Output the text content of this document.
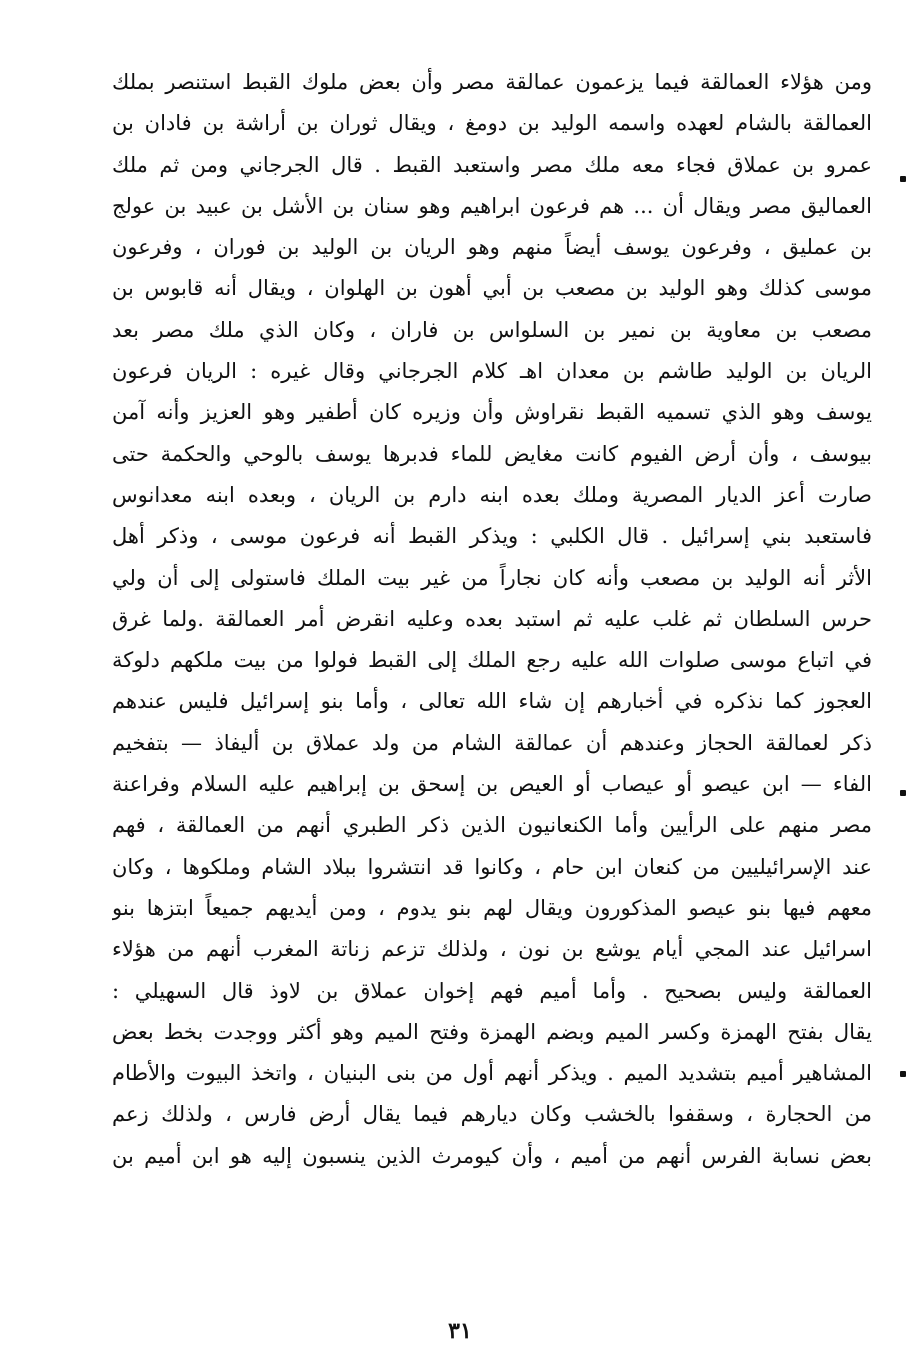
ومن هؤلاء العمالقة فيما يزعمون عمالقة مصر وأن بعض ملوك القبط استنصر بملك
العمالقة بالشام لعهده واسمه الوليد بن دومغ ، ويقال ثوران بن أراشة بن فادان بن
عمرو بن عملاق فجاء معه ملك مصر واستعبد القبط . قال الجرجاني ومن ثم ملك
العماليق مصر ويقال أن ... هم فرعون ابراهيم وهو سنان بن الأشل بن عبيد بن عولج
بن عمليق ، وفرعون يوسف أيضاً منهم وهو الريان بن الوليد بن فوران ، وفرعون
موسى كذلك وهو الوليد بن مصعب بن أبي أهون بن الهلوان ، ويقال أنه قابوس بن
مصعب بن معاوية بن نمير بن السلواس بن فاران ، وكان الذي ملك مصر بعد
الريان بن الوليد طاشم بن معدان اهـ كلام الجرجاني وقال غيره : الريان فرعون
يوسف وهو الذي تسميه القبط نقراوش وأن وزيره كان أطفير وهو العزيز وأنه آمن
بيوسف ، وأن أرض الفيوم كانت مغايض للماء فدبرها يوسف بالوحي والحكمة حتى
صارت أعز الديار المصرية وملك بعده ابنه دارم بن الريان ، وبعده ابنه معدانوس
فاستعبد بني إسرائيل . قال الكلبي : ويذكر القبط أنه فرعون موسى ، وذكر أهل
الأثر أنه الوليد بن مصعب وأنه كان نجاراً من غير بيت الملك فاستولى إلى أن ولي
حرس السلطان ثم غلب عليه ثم استبد بعده وعليه انقرض أمر العمالقة .ولما غرق
في اتباع موسى صلوات الله عليه رجع الملك إلى القبط فولوا من بيت ملكهم دلوكة
العجوز كما نذكره في أخبارهم إن شاء الله تعالى ، وأما بنو إسرائيل فليس عندهم
ذكر لعمالقة الحجاز وعندهم أن عمالقة الشام من ولد عملاق بن أليفاذ — بتفخيم
الفاء — ابن عيصو أو عيصاب أو العيص بن إسحق بن إبراهيم عليه السلام وفراعنة
مصر منهم على الرأيين وأما الكنعانيون الذين ذكر الطبري أنهم من العمالقة ، فهم
عند الإسرائيليين من كنعان ابن حام ، وكانوا قد انتشروا ببلاد الشام وملكوها ، وكان
معهم فيها بنو عيصو المذكورون ويقال لهم بنو يدوم ، ومن أيديهم جميعاً ابتزها بنو
اسرائيل عند المجي أيام يوشع بن نون ، ولذلك تزعم زناتة المغرب أنهم من هؤلاء
العمالقة وليس بصحيح . وأما أميم فهم إخوان عملاق بن لاوذ قال السهيلي :
يقال بفتح الهمزة وكسر الميم وبضم الهمزة وفتح الميم وهو أكثر ووجدت بخط بعض
المشاهير أميم بتشديد الميم . ويذكر أنهم أول من بنى البنيان ، واتخذ البيوت والأطام
من الحجارة ، وسقفوا بالخشب وكان ديارهم فيما يقال أرض فارس ، ولذلك زعم
بعض نسابة الفرس أنهم من أميم ، وأن كيومرث الذين ينسبون إليه هو ابن أميم بن
٣١
